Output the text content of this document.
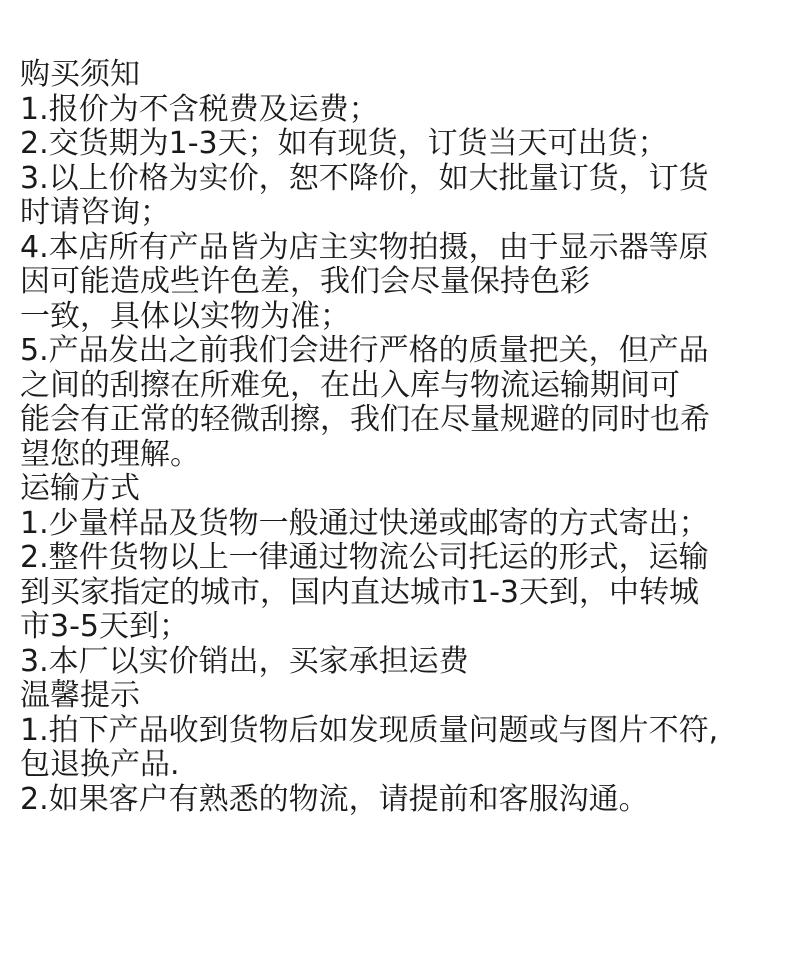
购买须知
1.报价为不含税费及运费；
2.交货期为1-3天；如有现货，订货当天可出货；
3.以上价格为实价，恕不降价，如大批量订货，订货
时请咨询；
4.本店所有产品皆为店主实物拍摄，由于显示器等原
因可能造成些许色差，我们会尽量保持色彩
一致，具体以实物为准；
5.产品发出之前我们会进行严格的质量把关，但产品
之间的刮擦在所难免，在出入库与物流运输期间可
能会有正常的轻微刮擦，我们在尽量规避的同时也希
望您的理解。
运输方式
1.少量样品及货物一般通过快递或邮寄的方式寄出；
2.整件货物以上一律通过物流公司托运的形式，运输
到买家指定的城市，国内直达城市1-3天到，中转城
市3-5天到；
3.本厂以实价销出，买家承担运费
温馨提示
1.拍下产品收到货物后如发现质量问题或与图片不符,
包退换产品.
2.如果客户有熟悉的物流，请提前和客服沟通。
